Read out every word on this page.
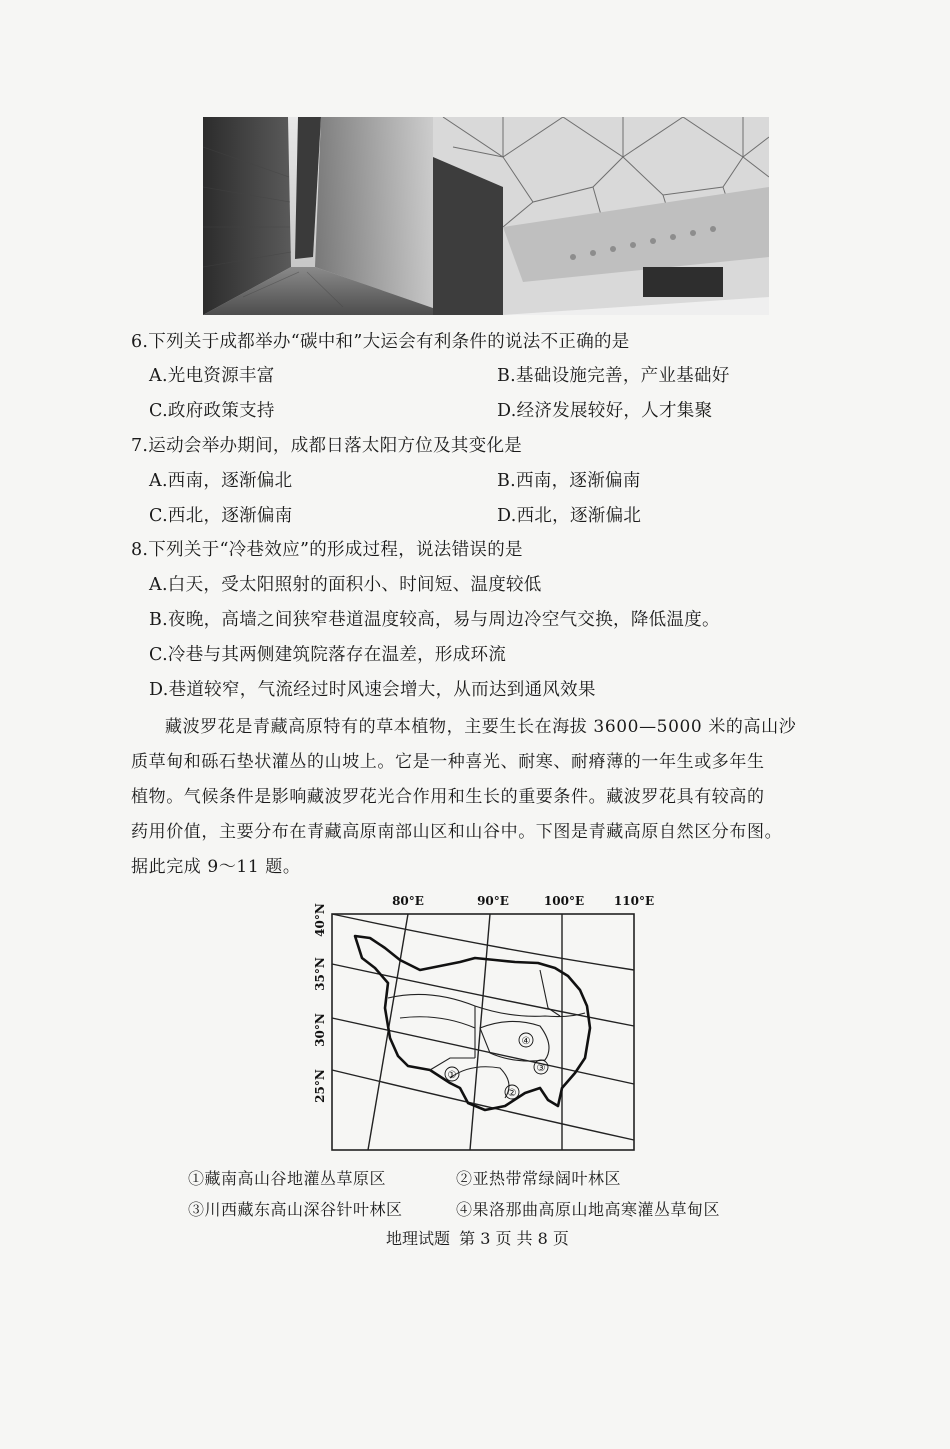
6.下列关于成都举办“碳中和”大运会有利条件的说法不正确的是
A.光电资源丰富	B.基础设施完善，产业基础好
C.政府政策支持	D.经济发展较好，人才集聚
7.运动会举办期间，成都日落太阳方位及其变化是
A.西南，逐渐偏北	B.西南，逐渐偏南
C.西北，逐渐偏南	D.西北，逐渐偏北
8.下列关于“冷巷效应”的形成过程，说法错误的是
A.白天，受太阳照射的面积小、时间短、温度较低
B.夜晚，高墙之间狭窄巷道温度较高，易与周边冷空气交换，降低温度。
C.冷巷与其两侧建筑院落存在温差，形成环流
D.巷道较窄，气流经过时风速会增大，从而达到通风效果
藏波罗花是青藏高原特有的草本植物，主要生长在海拔 3600—5000 米的高山沙
质草甸和砾石垫状灌丛的山坡上。它是一种喜光、耐寒、耐瘠薄的一年生或多年生
植物。气候条件是影响藏波罗花光合作用和生长的重要条件。藏波罗花具有较高的
药用价值，主要分布在青藏高原南部山区和山谷中。下图是青藏高原自然区分布图。
据此完成 9～11 题。
①
②
③
④
80°E	90°E	100°E 110°E
40°N
35°N
30°N
25°N
①藏南高山谷地灌丛草原区	②亚热带常绿阔叶林区
③川西藏东高山深谷针叶林区	④果洛那曲高原山地高寒灌丛草甸区
地理试题 第 3 页 共 8 页
